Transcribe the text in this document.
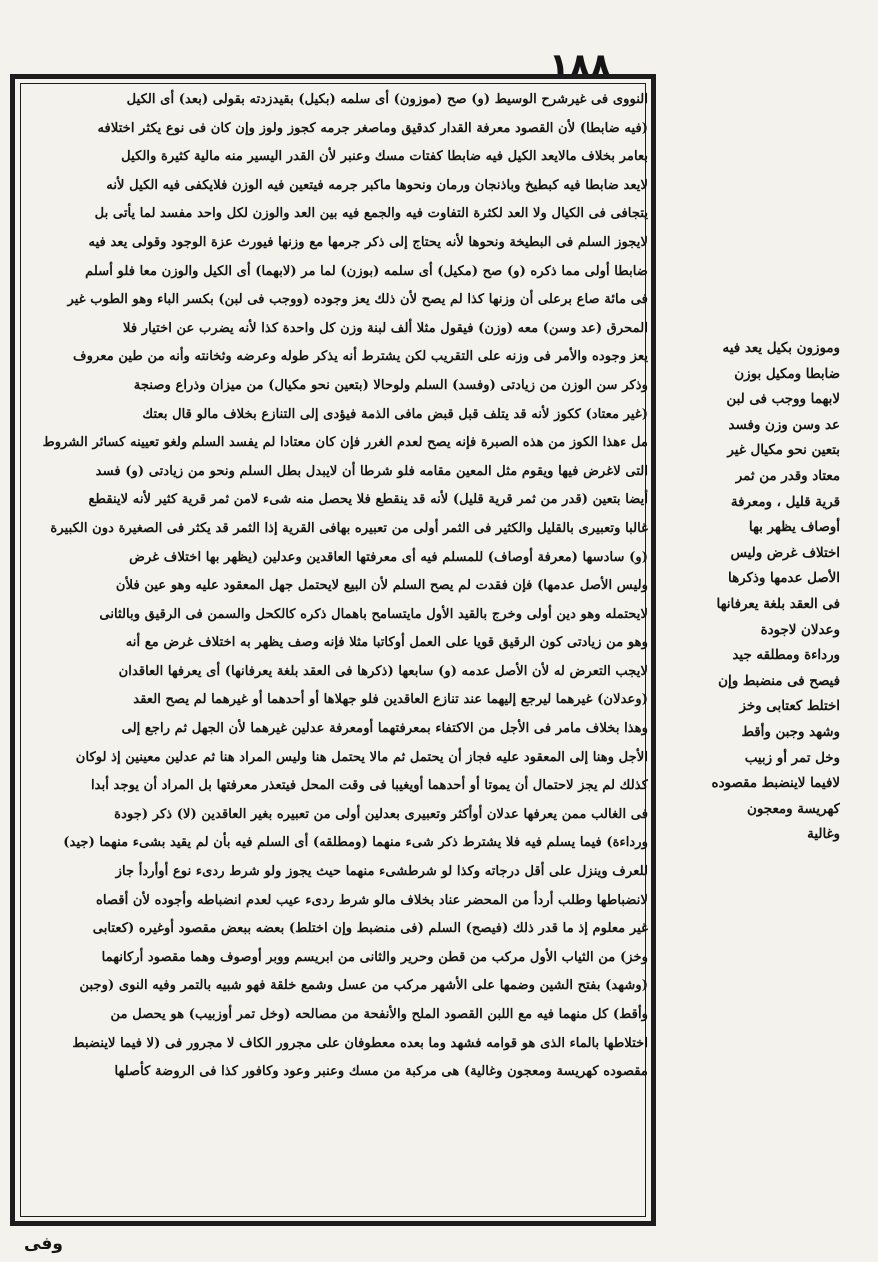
١٨٨
النووى فى غيرشرح الوسيط (و) صح (موزون) أى سلمه (بكيل) بقيدزدته بقولى (بعد) أى الكيل
(فيه ضابطا) لأن القصود معرفة القدار كدقيق وماصغر جرمه كجوز ولوز وإن كان فى نوع يكثر اختلافه
بعامر بخلاف مالايعد الكيل فيه ضابطا كفتات مسك وعنبر لأن القدر اليسير منه مالية كثيرة والكيل
لايعد ضابطا فيه كبطيخ وباذنجان ورمان ونحوها ماكبر جرمه فيتعين فيه الوزن فلايكفى فيه الكيل لأنه
يتجافى فى الكيال ولا العد لكثرة التفاوت فيه والجمع فيه بين العد والوزن لكل واحد مفسد لما يأتى بل
لايجوز السلم فى البطيخة ونحوها لأنه يحتاج إلى ذكر جرمها مع وزنها فيورث عزة الوجود وقولى يعد فيه
ضابطا أولى مما ذكره (و) صح (مكيل) أى سلمه (بوزن) لما مر (لابهما) أى الكيل والوزن معا فلو أسلم
فى مائة صاع برعلى أن وزنها كذا لم يصح لأن ذلك يعز وجوده (ووجب فى لبن) بكسر الباء وهو الطوب غير
المحرق (عد وسن) معه (وزن) فيقول مثلا ألف لبنة وزن كل واحدة كذا لأنه يضرب عن اختيار فلا
يعز وجوده والأمر فى وزنه على التقريب لكن يشترط أنه يذكر طوله وعرضه وثخانته وأنه من طين معروف
وذكر سن الوزن من زيادتى (وفسد) السلم ولوحالا (بتعين نحو مكيال) من ميزان وذراع وصنجة
(غير معتاد) ككوز لأنه قد يتلف قبل قبض مافى الذمة فيؤدى إلى التنازع بخلاف مالو قال بعتك
مل ءهذا الكوز من هذه الصبرة فإنه يصح لعدم الغرر فإن كان معتادا لم يفسد السلم ولغو تعيينه كسائر الشروط
التى لاغرض فيها ويقوم مثل المعين مقامه فلو شرطا أن لايبدل بطل السلم ونحو من زيادتى (و) فسد
أيضا بتعين (قدر من ثمر قرية قليل) لأنه قد ينقطع فلا يحصل منه شىء لامن ثمر قرية كثير لأنه لاينقطع
غالبا وتعبيرى بالقليل والكثير فى الثمر أولى من تعبيره بهافى القرية إذا الثمر قد يكثر فى الصغيرة دون الكبيرة
(و) سادسها (معرفة أوصاف) للمسلم فيه أى معرفتها العاقدين وعدلين (يظهر بها اختلاف غرض
وليس الأصل عدمها) فإن فقدت لم يصح السلم لأن البيع لايحتمل جهل المعقود عليه وهو عين فلأن
لايحتمله وهو دين أولى وخرج بالقيد الأول مايتسامح باهمال ذكره كالكحل والسمن فى الرقيق وبالثانى
وهو من زيادتى كون الرقيق قويا على العمل أوكاتبا مثلا فإنه وصف يظهر به اختلاف غرض مع أنه
لايجب التعرض له لأن الأصل عدمه (و) سابعها (ذكرها فى العقد بلغة يعرفانها) أى يعرفها العاقدان
(وعدلان) غيرهما ليرجع إليهما عند تنازع العاقدين فلو جهلاها أو أحدهما أو غيرهما لم يصح العقد
وهذا بخلاف مامر فى الأجل من الاكتفاء بمعرفتهما أومعرفة عدلين غيرهما لأن الجهل ثم راجع إلى
الأجل وهنا إلى المعقود عليه فجاز أن يحتمل ثم مالا يحتمل هنا وليس المراد هنا ثم عدلين معينين إذ لوكان
كذلك لم يجز لاحتمال أن يموتا أو أحدهما أويغيبا فى وقت المحل فيتعذر معرفتها بل المراد أن يوجد أبدا
فى الغالب ممن يعرفها عدلان أوأكثر وتعبيرى بعدلين أولى من تعبيره بغير العاقدين (لا) ذكر (جودة
ورداءة) فيما يسلم فيه فلا يشترط ذكر شىء منهما (ومطلقه) أى السلم فيه بأن لم يقيد بشىء منهما (جيد)
للعرف وينزل على أقل درجاته وكذا لو شرطشىء منهما حيث يجوز ولو شرط ردىء نوع أوأردأ جاز
لانضباطها وطلب أردأ من المحضر عناد بخلاف مالو شرط ردىء عيب لعدم انضباطه وأجوده لأن أقصاه
غير معلوم إذ ما قدر ذلك (فيصح) السلم (فى منضبط وإن اختلط) بعضه ببعض مقصود أوغيره (كعتابى
وخز) من الثياب الأول مركب من قطن وحرير والثانى من ابريسم ووبر أوصوف وهما مقصود أركانهما
(وشهد) بفتح الشين وضمها على الأشهر مركب من عسل وشمع خلقة فهو شبيه بالتمر وفيه النوى (وجبن
وأقط) كل منهما فيه مع اللبن القصود الملح والأنفحة من مصالحه (وخل تمر أوزبيب) هو يحصل من
اختلاطها بالماء الذى هو قوامه فشهد وما بعده معطوفان على مجرور الكاف لا مجرور فى (لا فيما لاينضبط
مقصوده كهريسة ومعجون وغالية) هى مركبة من مسك وعنبر وعود وكافور كذا فى الروضة كأصلها
وموزون بكيل يعد فيه
ضابطا ومكيل بوزن
لابهما ووجب فى لبن
عد وسن وزن وفسد
بتعين نحو مكيال غير
معتاد وقدر من ثمر
قرية قليل ، ومعرفة
أوصاف يظهر بها
اختلاف غرض وليس
الأصل عدمها وذكرها
فى العقد بلغة يعرفانها
وعدلان لاجودة
ورداءة ومطلقه جيد
فيصح فى منضبط وإن
اختلط كعتابى وخز
وشهد وجبن وأقط
وخل تمر أو زبيب
لافيما لاينضبط مقصوده
كهريسة ومعجون
وغالية
وفى
